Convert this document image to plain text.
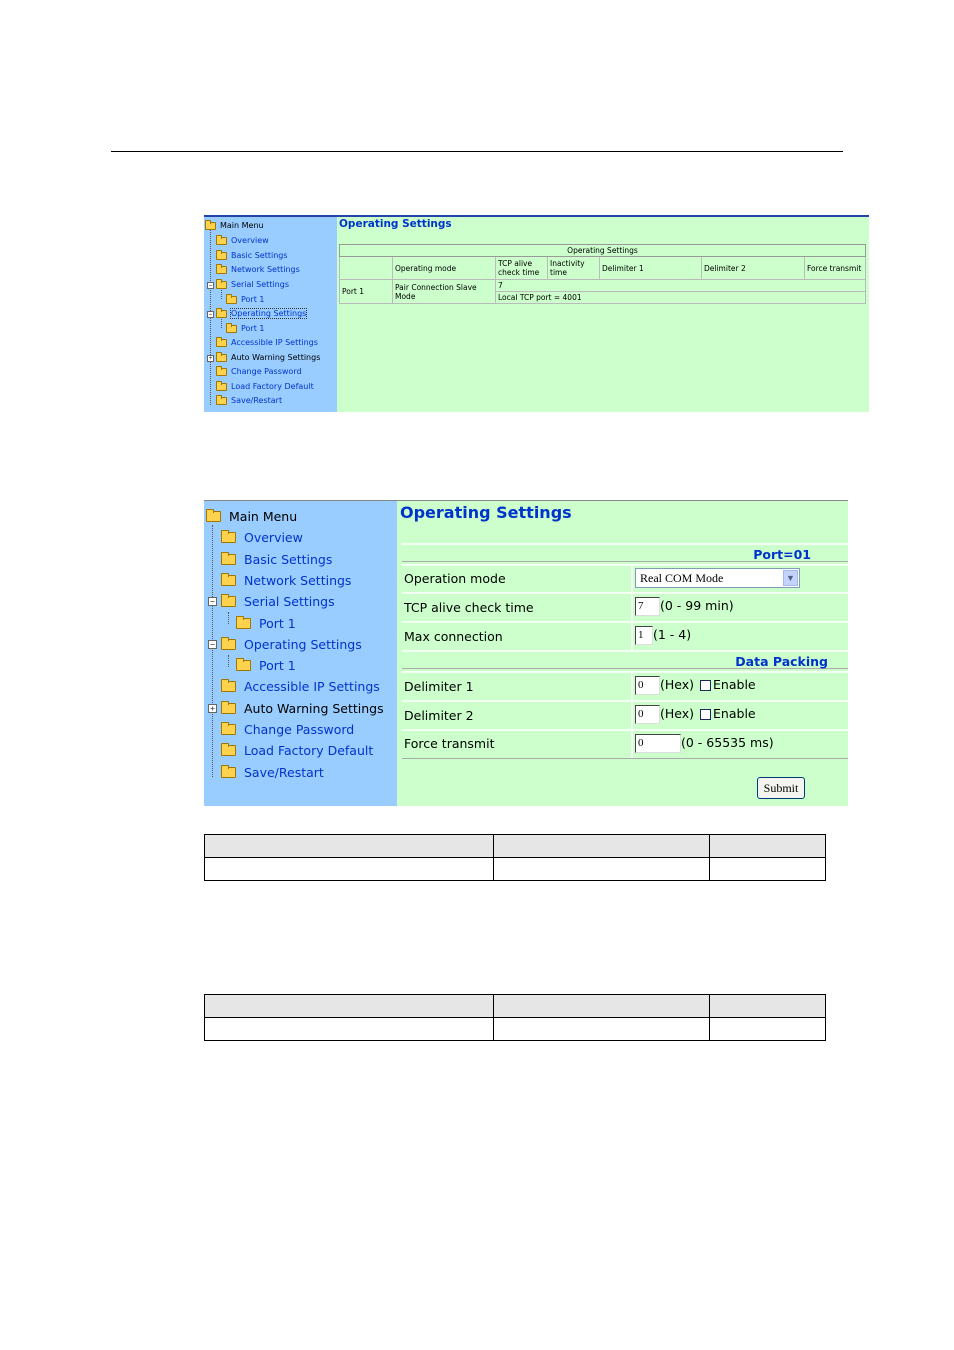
Main Menu
Overview
Basic Settings
Network Settings
−	Serial Settings
Port 1
−	Operating Settings
Port 1
Accessible IP Settings
+	Auto Warning Settings
Change Password
Load Factory Default
Save/Restart
Operating Settings
Operating Settings						
	Operating mode	TCP alive check time	Inactivity time	Delimiter 1	Delimiter 2	Force transmit
Port 1	Pair Connection Slave Mode	7				
		Local TCP port = 4001				
Main Menu
Overview
Basic Settings
Network Settings
−	Serial Settings
Port 1
−	Operating Settings
Port 1
Accessible IP Settings
+	Auto Warning Settings
Change Password
Load Factory Default
Save/Restart
Operating Settings
Port=01
Operation mode	Real COM Mode	▼
TCP alive check time	7 (0 - 99 min)
Max connection	1 (1 - 4)
Data Packing
Delimiter 1	0 (Hex) Enable
Delimiter 2	0 (Hex) Enable
Force transmit	0	(0 - 65535 ms)
Submit
